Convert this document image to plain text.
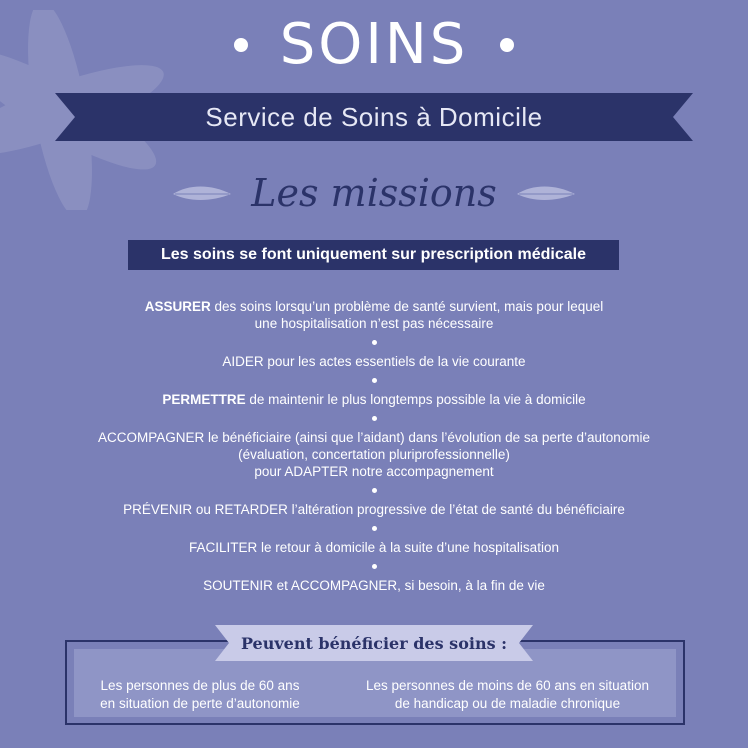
SOINS
Service de Soins à Domicile
Les missions
Les soins se font uniquement sur prescription médicale
ASSURER des soins lorsqu’un problème de santé survient, mais pour lequel
une hospitalisation n’est pas nécessaire
AIDER pour les actes essentiels de la vie courante
PERMETTRE de maintenir le plus longtemps possible la vie à domicile
ACCOMPAGNER le bénéficiaire (ainsi que l’aidant) dans l’évolution de sa perte d’autonomie
(évaluation, concertation pluriprofessionnelle)
pour ADAPTER notre accompagnement
PRÉVENIR ou RETARDER l’altération progressive de l’état de santé du bénéficiaire
FACILITER le retour à domicile à la suite d’une hospitalisation
SOUTENIR et ACCOMPAGNER, si besoin, à la fin de vie
Peuvent bénéficier des soins :
Les personnes de plus de 60 ans
en situation de perte d’autonomie
Les personnes de moins de 60 ans en situation
de handicap ou de maladie chronique
